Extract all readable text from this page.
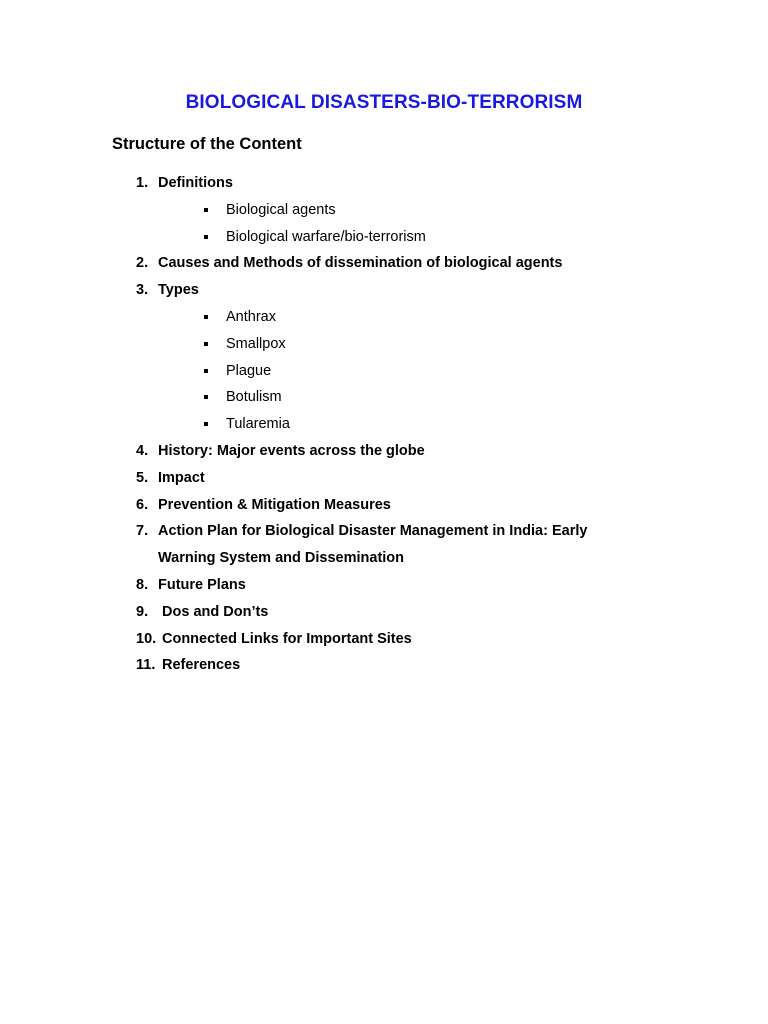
BIOLOGICAL DISASTERS-BIO-TERRORISM
Structure of the Content
1. Definitions
Biological agents
Biological warfare/bio-terrorism
2. Causes and Methods of dissemination of biological agents
3. Types
Anthrax
Smallpox
Plague
Botulism
Tularemia
4. History: Major events across the globe
5. Impact
6. Prevention & Mitigation Measures
7. Action Plan for Biological Disaster Management in India: Early
Warning System and Dissemination
8. Future Plans
9. Dos and Don’ts
10. Connected Links for Important Sites
11. References
